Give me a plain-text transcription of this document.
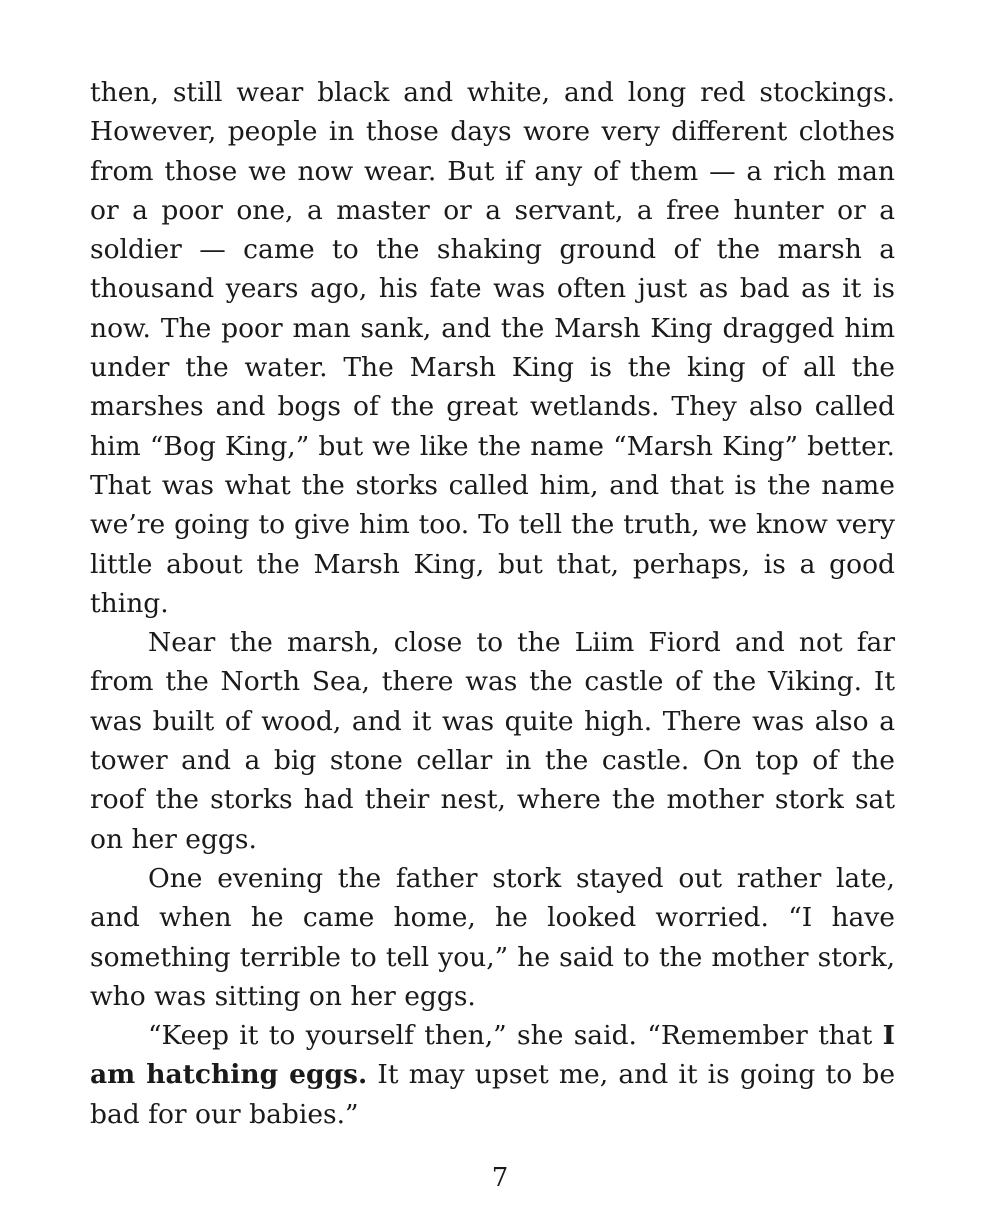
then, still wear black and white, and long red stockings. However, people in those days wore very different clothes from those we now wear. But if any of them — a rich man or a poor one, a master or a servant, a free hunter or a soldier — came to the shaking ground of the marsh a thousand years ago, his fate was often just as bad as it is now. The poor man sank, and the Marsh King dragged him under the water. The Marsh King is the king of all the marshes and bogs of the great wetlands. They also called him “Bog King,” but we like the name “Marsh King” better. That was what the storks called him, and that is the name we’re going to give him too. To tell the truth, we know very little about the Marsh King, but that, perhaps, is a good thing.

Near the marsh, close to the Liim Fiord and not far from the North Sea, there was the castle of the Viking. It was built of wood, and it was quite high. There was also a tower and a big stone cellar in the castle. On top of the roof the storks had their nest, where the mother stork sat on her eggs.

One evening the father stork stayed out rather late, and when he came home, he looked worried. “I have something terrible to tell you,” he said to the mother stork, who was sitting on her eggs.

“Keep it to yourself then,” she said. “Remember that I am hatching eggs. It may upset me, and it is going to be bad for our babies.”

7
